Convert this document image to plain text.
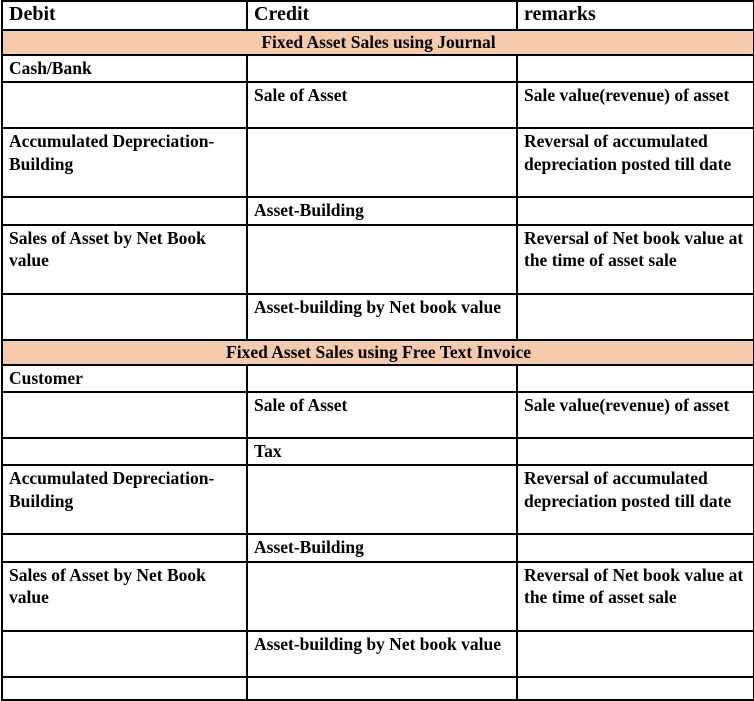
Debit	Credit	remarks
Fixed Asset Sales using Journal		
Cash/Bank		
	Sale of Asset	Sale value(revenue) of asset
Accumulated Depreciation-Building		Reversal of accumulated depreciation posted till date
	Asset-Building	
Sales of Asset by Net Book value		Reversal of Net book value at the time of asset sale
	Asset-building by Net book value	
Fixed Asset Sales using Free Text Invoice		
Customer		
	Sale of Asset	Sale value(revenue) of asset
	Tax	
Accumulated Depreciation-Building		Reversal of accumulated depreciation posted till date
	Asset-Building	
Sales of Asset by Net Book value		Reversal of Net book value at the time of asset sale
	Asset-building by Net book value	
